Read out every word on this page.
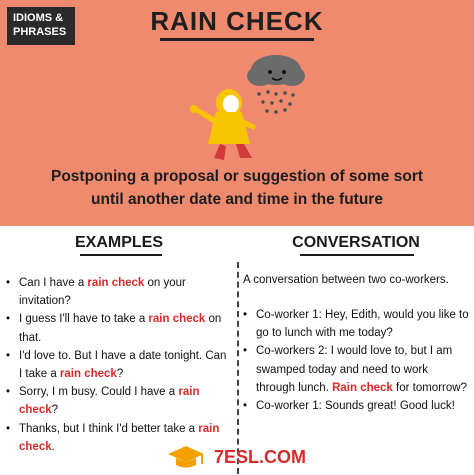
IDIOMS &
PHRASES	RAIN CHECK
Postponing a proposal or suggestion of some sort
until another date and time in the future
EXAMPLES
• Can I have a rain check on your invitation?
• I guess I'll have to take a rain check on that.
• I'd love to. But I have a date tonight. Can I take a rain check?
• Sorry, I m busy. Could I have a rain check?
• Thanks, but I think I'd better take a rain check.
CONVERSATION
A conversation between two co-workers.
• Co-worker 1: Hey, Edith, would you like to go to lunch with me today?
• Co-workers 2: I would love to, but I am swamped today and need to work through lunch. Rain check for tomorrow?
• Co-worker 1: Sounds great! Good luck!
7ESL.COM
